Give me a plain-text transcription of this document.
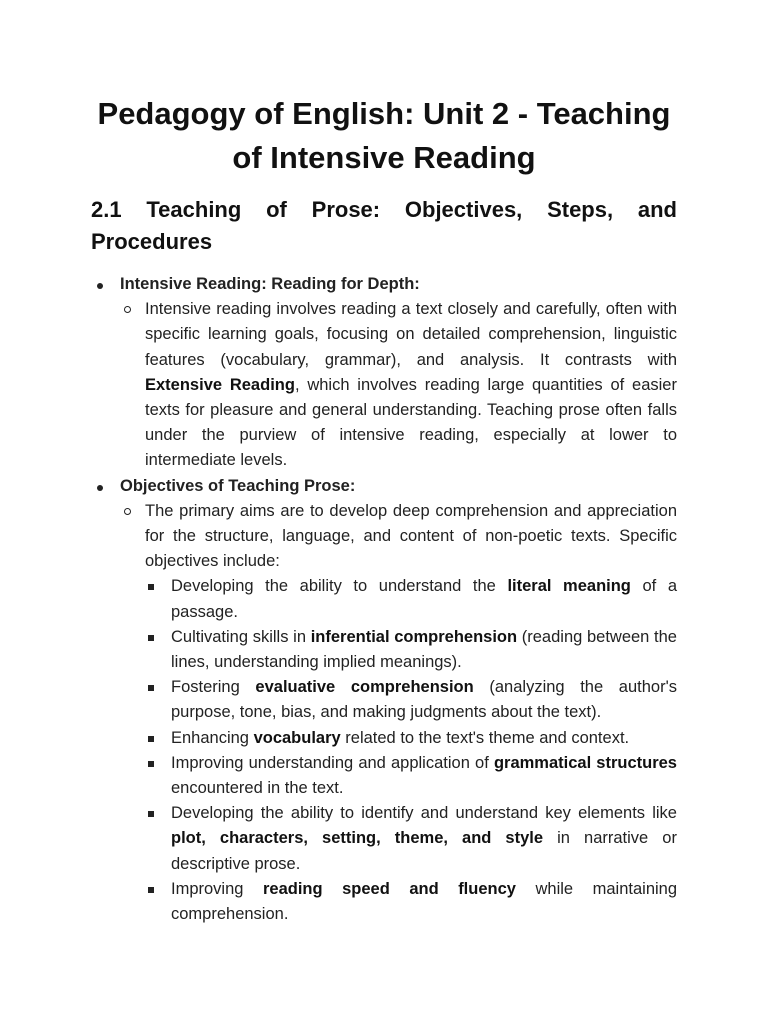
Pedagogy of English: Unit 2 - Teaching of Intensive Reading
2.1 Teaching of Prose: Objectives, Steps, and Procedures
Intensive Reading: Reading for Depth:
Intensive reading involves reading a text closely and carefully, often with specific learning goals, focusing on detailed comprehension, linguistic features (vocabulary, grammar), and analysis. It contrasts with Extensive Reading, which involves reading large quantities of easier texts for pleasure and general understanding. Teaching prose often falls under the purview of intensive reading, especially at lower to intermediate levels.
Objectives of Teaching Prose:
The primary aims are to develop deep comprehension and appreciation for the structure, language, and content of non-poetic texts. Specific objectives include:
Developing the ability to understand the literal meaning of a passage.
Cultivating skills in inferential comprehension (reading between the lines, understanding implied meanings).
Fostering evaluative comprehension (analyzing the author's purpose, tone, bias, and making judgments about the text).
Enhancing vocabulary related to the text's theme and context.
Improving understanding and application of grammatical structures encountered in the text.
Developing the ability to identify and understand key elements like plot, characters, setting, theme, and style in narrative or descriptive prose.
Improving reading speed and fluency while maintaining comprehension.
